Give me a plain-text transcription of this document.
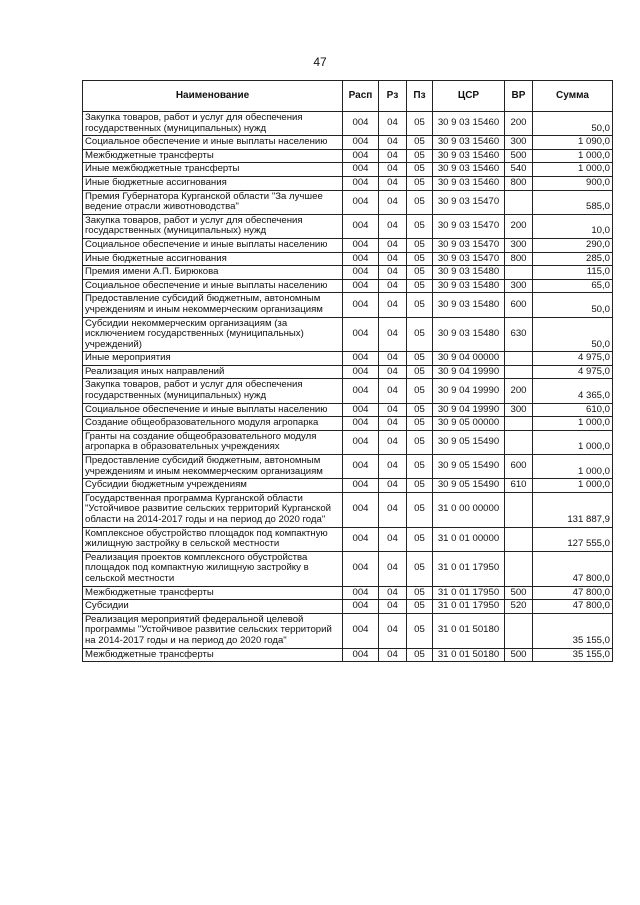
47
Наименование	Расп	Рз	Пз	ЦСР	ВР	Сумма
Закупка товаров, работ и услуг для обеспечения государственных (муниципальных) нужд	004	04	05	30 9 03 15460	200	50,0
Социальное обеспечение и иные выплаты населению	004	04	05	30 9 03 15460	300	1 090,0
Межбюджетные трансферты	004	04	05	30 9 03 15460	500	1 000,0
Иные межбюджетные трансферты	004	04	05	30 9 03 15460	540	1 000,0
Иные бюджетные ассигнования	004	04	05	30 9 03 15460	800	900,0
Премия Губернатора Курганской области "За лучшее ведение отрасли животноводства"	004	04	05	30 9 03 15470		585,0
Закупка товаров, работ и услуг для обеспечения государственных (муниципальных) нужд	004	04	05	30 9 03 15470	200	10,0
Социальное обеспечение и иные выплаты населению	004	04	05	30 9 03 15470	300	290,0
Иные бюджетные ассигнования	004	04	05	30 9 03 15470	800	285,0
Премия имени А.П. Бирюкова	004	04	05	30 9 03 15480		115,0
Социальное обеспечение и иные выплаты населению	004	04	05	30 9 03 15480	300	65,0
Предоставление субсидий бюджетным, автономным учреждениям и иным некоммерческим организациям	004	04	05	30 9 03 15480	600	50,0
Субсидии некоммерческим организациям (за исключением государственных (муниципальных) учреждений)	004	04	05	30 9 03 15480	630	50,0
Иные мероприятия	004	04	05	30 9 04 00000		4 975,0
Реализация иных направлений	004	04	05	30 9 04 19990		4 975,0
Закупка товаров, работ и услуг для обеспечения государственных (муниципальных) нужд	004	04	05	30 9 04 19990	200	4 365,0
Социальное обеспечение и иные выплаты населению	004	04	05	30 9 04 19990	300	610,0
Создание общеобразовательного модуля агропарка	004	04	05	30 9 05 00000		1 000,0
Гранты на создание общеобразовательного модуля агропарка в образовательных учреждениях	004	04	05	30 9 05 15490		1 000,0
Предоставление субсидий бюджетным, автономным учреждениям и иным некоммерческим организациям	004	04	05	30 9 05 15490	600	1 000,0
Субсидии бюджетным учреждениям	004	04	05	30 9 05 15490	610	1 000,0
Государственная программа Курганской области "Устойчивое развитие сельских территорий Курганской области на 2014-2017 годы и на период до 2020 года"	004	04	05	31 0 00 00000		131 887,9
Комплексное обустройство площадок под компактную жилищную застройку в сельской местности	004	04	05	31 0 01 00000		127 555,0
Реализация проектов комплексного обустройства площадок под компактную жилищную застройку в сельской местности	004	04	05	31 0 01 17950		47 800,0
Межбюджетные трансферты	004	04	05	31 0 01 17950	500	47 800,0
Субсидии	004	04	05	31 0 01 17950	520	47 800,0
Реализация мероприятий федеральной целевой программы "Устойчивое развитие сельских территорий на 2014-2017 годы и на период до 2020 года"	004	04	05	31 0 01 50180		35 155,0
Межбюджетные трансферты	004	04	05	31 0 01 50180	500	35 155,0
